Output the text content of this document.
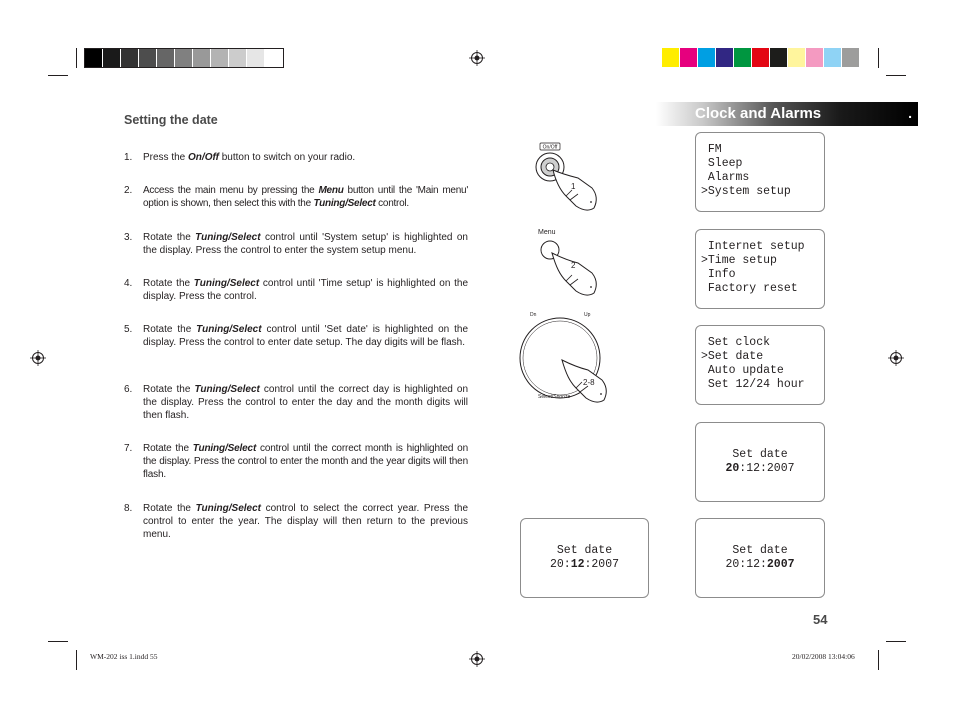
Clock and Alarms	.
Setting the date
1. Press the On/Off button to switch on your radio.
2. Access the main menu by pressing the Menu button until the 'Main menu' option is shown, then select this with the Tuning/Select control.
3. Rotate the Tuning/Select control until 'System setup' is highlighted on the display. Press the control to enter the system setup menu.
4. Rotate the Tuning/Select control until 'Time setup' is highlighted on the display. Press the control.
5. Rotate the Tuning/Select control until 'Set date' is highlighted on the display. Press the control to enter date setup. The day digits will be flash.
6. Rotate the Tuning/Select control until the correct day is highlighted on the display. Press the control to enter the day and the month digits will then flash.
7. Rotate the Tuning/Select control until the correct month is highlighted on the display. Press the control to enter the month and the year digits will then flash.
8. Rotate the Tuning/Select control to select the correct year. Press the control to enter the year. The display will then return to the previous menu.
On/Off
1
Menu
2
Dn	Up
Select/Snooze
2-8
FM
Sleep
Alarms
>System setup
Internet setup
>Time setup
Info
Factory reset
Set clock
>Set date
Auto update
Set 12/24 hour
Set date
20:12:2007
Set date
20:12:2007
Set date
20:12:2007
54
WM-202 iss 1.indd 55	20/02/2008 13:04:06
